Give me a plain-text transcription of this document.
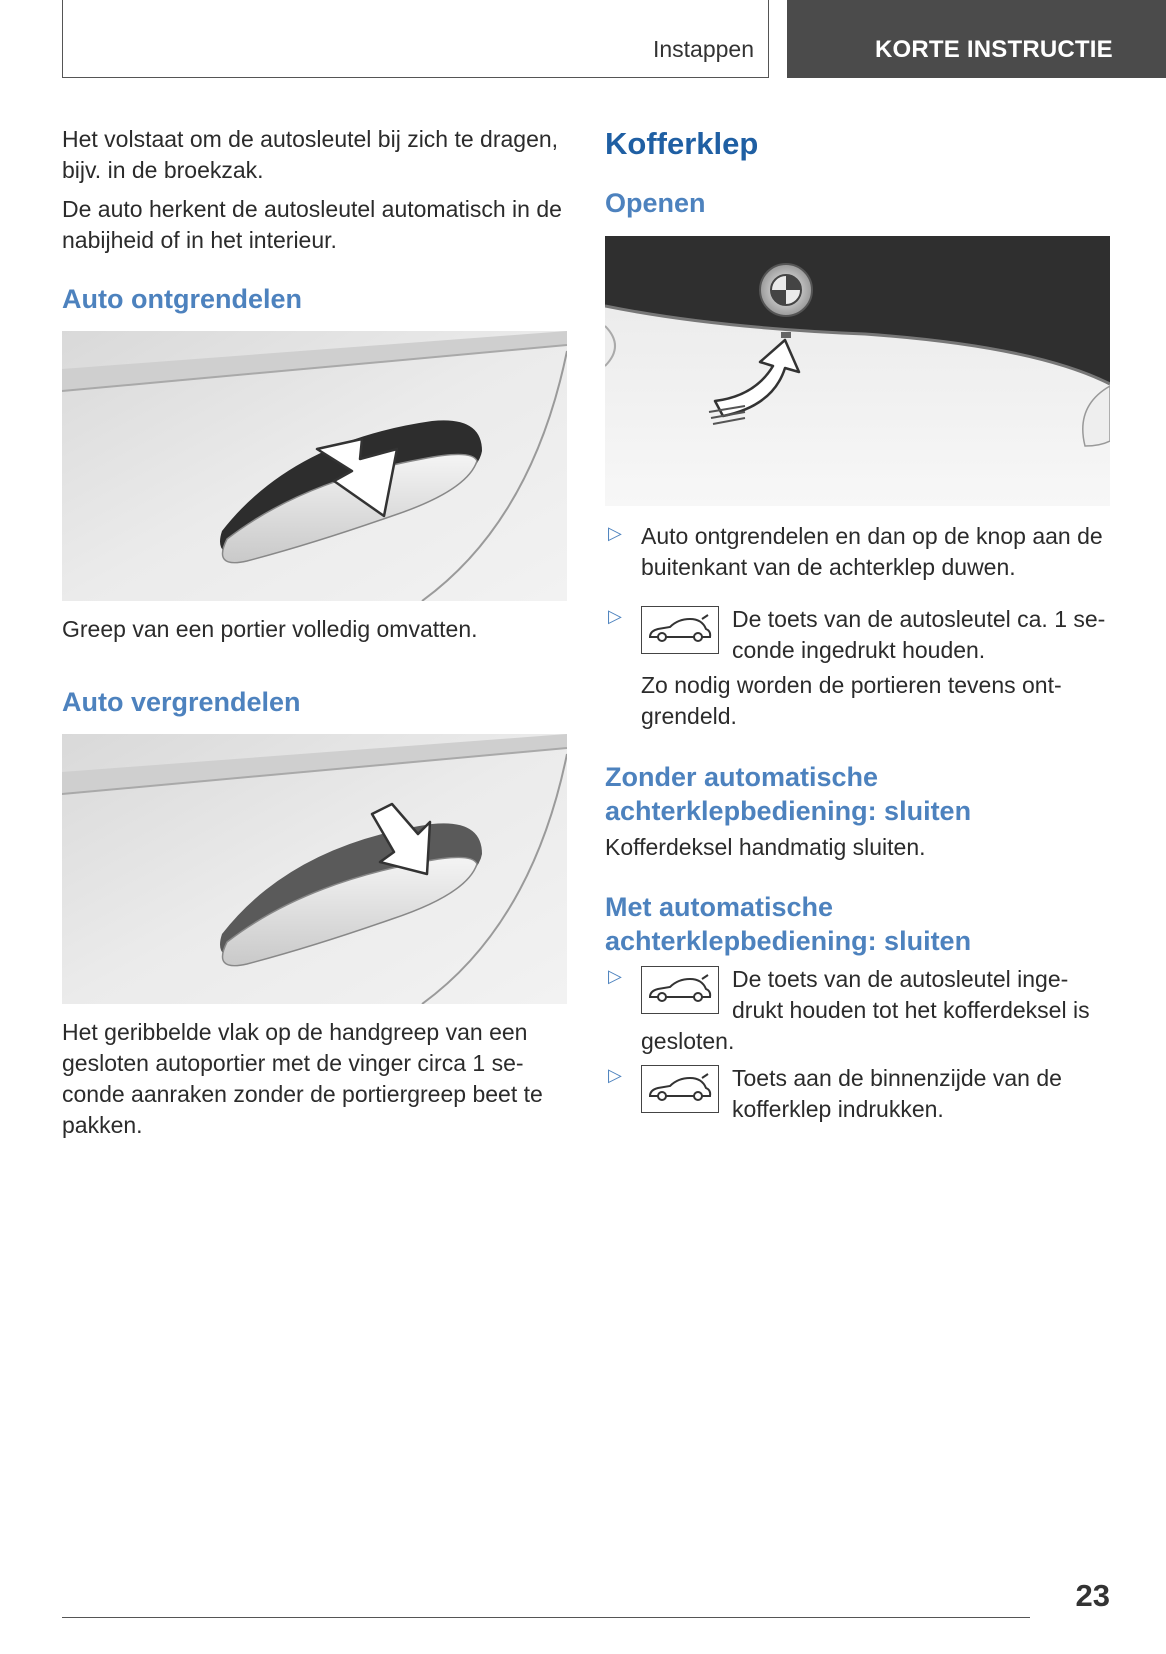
Instappen	KORTE INSTRUCTIE

Het volstaat om de autosleutel bij zich te dragen, bijv. in de broekzak.

De auto herkent de autosleutel automatisch in de nabijheid of in het interieur.

Auto ontgrendelen

Greep van een portier volledig omvatten.

Auto vergrendelen

Het geribbelde vlak op de handgreep van een gesloten autoportier met de vinger circa 1 se‐ conde aanraken zonder de portiergreep beet te pakken.

Kofferklep
Openen
▷ Auto ontgrendelen en dan op de knop aan de buitenkant van de achterklep duwen.

▷	De toets van de autosleutel ca. 1 se‐ conde ingedrukt houden.

Zo nodig worden de portieren tevens ont‐ grendeld.

Zonder automatische achterklepbediening: sluiten

Kofferdeksel handmatig sluiten.

Met automatische achterklepbediening: sluiten
▷	De toets van de autosleutel inge‐ drukt houden tot het kofferdeksel is gesloten.

▷	Toets aan de binnenzijde van de kofferklep indrukken.

23
